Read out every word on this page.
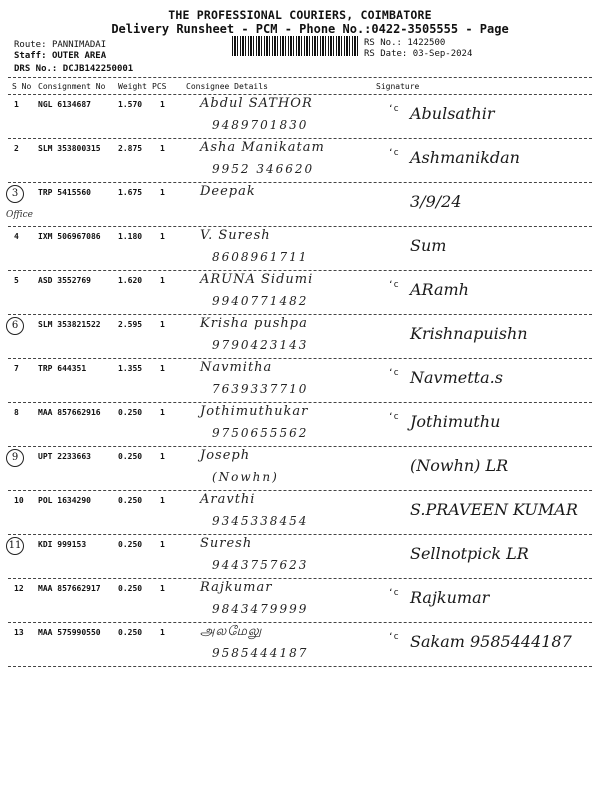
THE PROFESSIONAL COURIERS, COIMBATORE
Delivery Runsheet - PCM - Phone No.:0422-3505555 - Page
Route: PANNIMADAI
Staff: OUTER AREA
DRS No.: DCJB142250001
RS No.: 1422500
RS Date: 03-Sep-2024
S No Consignment No Weight PCS Consignee Details	Signature
1 NGL 6134687	1.570 1	Abdul SATHOR
9489701830
Abulsathir
ʻc
2 SLM 353800315 2.875 1	Asha Manikatam
9952 346620
Ashmanikdan
ʻc
3	TRP 5415560	1.675 1	Deepak
3/9/24
4 IXM 506967086 1.180 1	V. Suresh
8608961711
Sum
5 ASD 3552769	1.620 1	ARUNA Sidumi
9940771482
ARamh
ʻc
6	SLM 353821522 2.595 1	Krisha pushpa
9790423143
Krishnapuishn
7 TRP 644351	1.355 1	Navmitha
7639337710
Navmetta.s
ʻc
8 MAA 857662916 0.250 1	Jothimuthukar
9750655562
Jothimuthu
ʻc
9	UPT 2233663	0.250 1	Joseph
(Nowhn)
(Nowhn) LR
10 POL 1634290	0.250 1	Aravthi
9345338454
S.PRAVEEN KUMAR
11	KDI 999153	0.250 1	Suresh
9443757623
Sellnotpick LR
12 MAA 857662917 0.250 1	Rajkumar
9843479999
Rajkumar
ʻc
13 MAA 575990550 0.250 1	அலமேலு
9585444187
Sakam 9585444187
ʻc
Office
